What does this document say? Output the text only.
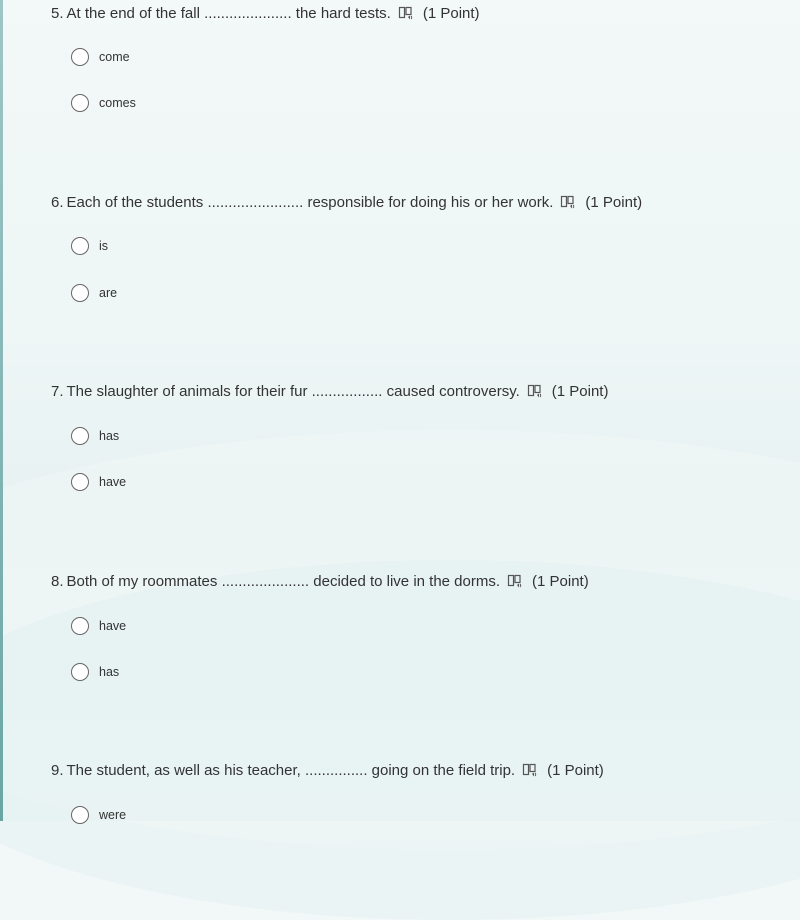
5. At the end of the fall ..................... the hard tests. (1 Point)
come
comes
6. Each of the students ....................... responsible for doing his or her work. (1 Point)
is
are
7. The slaughter of animals for their fur ................. caused controversy. (1 Point)
has
have
8. Both of my roommates ..................... decided to live in the dorms. (1 Point)
have
has
9. The student, as well as his teacher, ............... going on the field trip. (1 Point)
were
